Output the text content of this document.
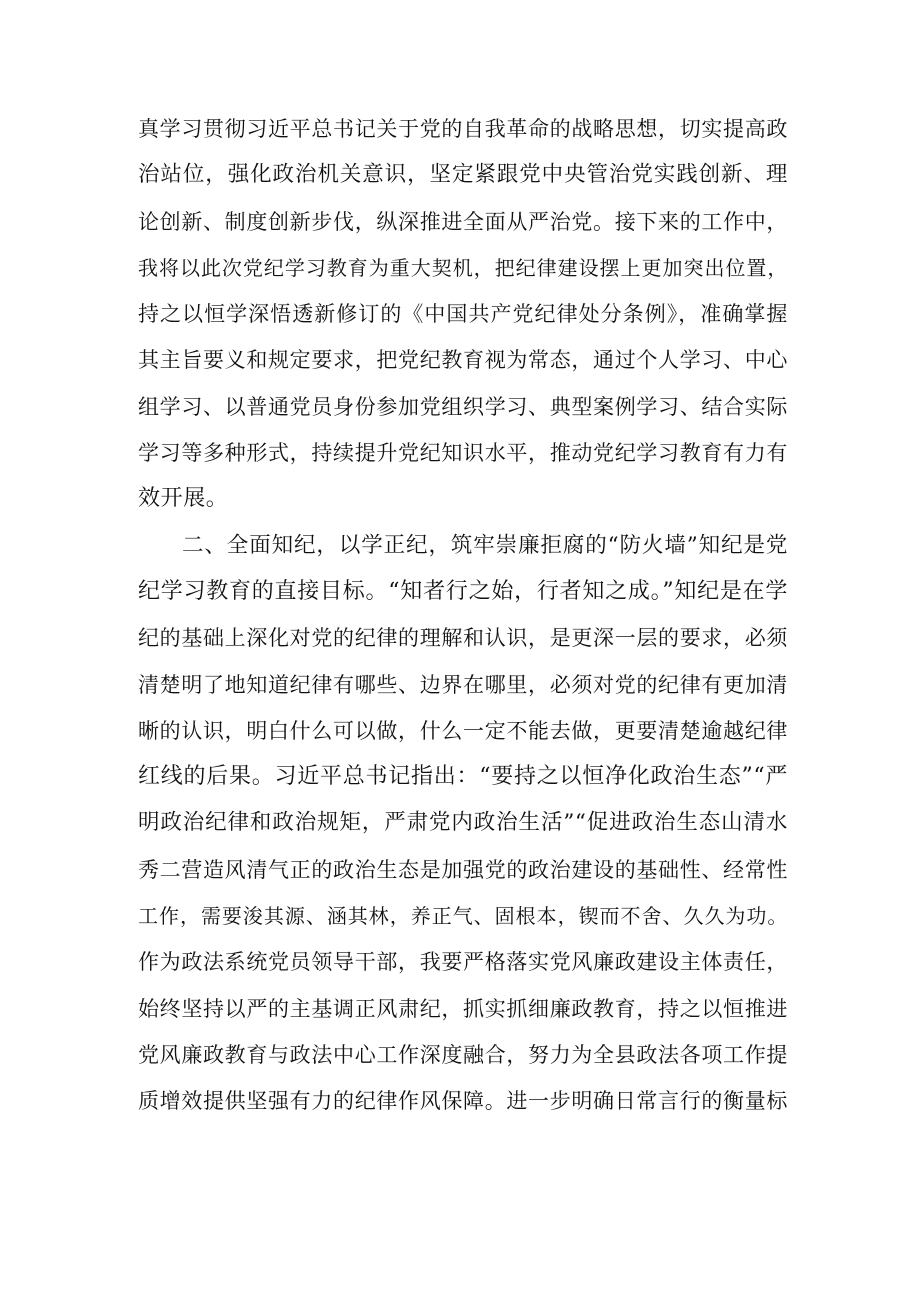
真学习贯彻习近平总书记关于党的自我革命的战略思想，切实提高政
治站位，强化政治机关意识，坚定紧跟党中央管治党实践创新、理
论创新、制度创新步伐，纵深推进全面从严治党。接下来的工作中，
我将以此次党纪学习教育为重大契机，把纪律建设摆上更加突出位置，
持之以恒学深悟透新修订的《中国共产党纪律处分条例》，准确掌握
其主旨要义和规定要求，把党纪教育视为常态，通过个人学习、中心
组学习、以普通党员身份参加党组织学习、典型案例学习、结合实际
学习等多种形式，持续提升党纪知识水平，推动党纪学习教育有力有
效开展。

二、全面知纪，以学正纪，筑牢崇廉拒腐的“防火墙”知纪是党
纪学习教育的直接目标。“知者行之始，行者知之成。”知纪是在学
纪的基础上深化对党的纪律的理解和认识，是更深一层的要求，必须
清楚明了地知道纪律有哪些、边界在哪里，必须对党的纪律有更加清
晰的认识，明白什么可以做，什么一定不能去做，更要清楚逾越纪律
红线的后果。习近平总书记指出：“要持之以恒净化政治生态”“严
明政治纪律和政治规矩，严肃党内政治生活”“促进政治生态山清水
秀二营造风清气正的政治生态是加强党的政治建设的基础性、经常性
工作，需要浚其源、涵其林，养正气、固根本，锲而不舍、久久为功。
作为政法系统党员领导干部，我要严格落实党风廉政建设主体责任，
始终坚持以严的主基调正风肃纪，抓实抓细廉政教育，持之以恒推进
党风廉政教育与政法中心工作深度融合，努力为全县政法各项工作提
质增效提供坚强有力的纪律作风保障。进一步明确日常言行的衡量标
